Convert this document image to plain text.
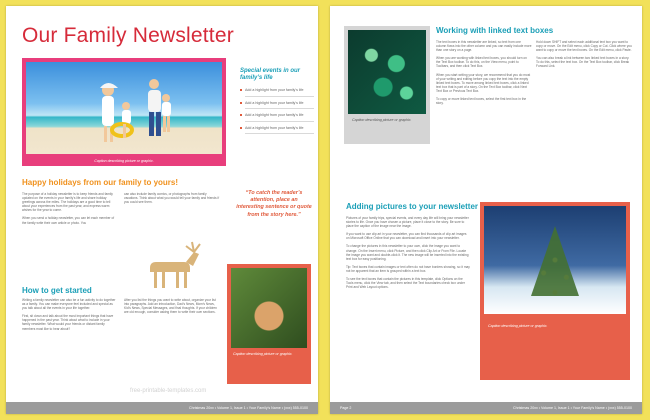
Our Family Newsletter
Caption describing picture or graphic.
Special events in our family’s life
Add a highlight from your family’s life
Add a highlight from your family’s life
Add a highlight from your family’s life
Add a highlight from your family’s life
Happy holidays from our family to yours!

The purpose of a holiday newsletter is to keep friends and family updated on the events in your family’s life and share holiday greetings across the miles. The holidays are a good time to tell about your experiences from the past year, and express warm wishes for the year to come.

When you send a holiday newsletter, you can let each member of the family write their own article or photo. You

can also include family comics, or photographs from family vacations. Think about what you would tell your family and friends if you could see them.

“To catch the reader’s attention, place an interesting sentence or quote from the story here.”
How to get started

Writing a family newsletter can also be a fun activity to do together as a family. You can make everyone feel included and special as you talk about all the events in your life together.

First, sit down and talk about the most important things that have happened in the past year. Think about what to include in your family newsletter. What would your friends or distant family members most like to hear about?

After you list the things you want to write about, organize your list into paragraphs. Add an introduction, Dad’s News, Mom’s News, Kid’s News, Special Messages, and final thoughts. If your children are old enough, consider asking them to write their own sections.

Caption describing picture or graphic.
Christmas 20xx • Volume 1, Issue 1 • Your Family’s Name • (xxx) 555-0100
Caption describing picture or graphic.
Working with linked text boxes

The text boxes in this newsletter are linked, so text from one column flows into the other column and you can easily include more than one story on a page.

When you are working with linked text boxes, you should turn on the Text Box toolbar. To do this, on the View menu, point to Toolbars, and then click Text Box.

When you start writing your story, we recommend that you do most of your writing and editing before you copy the text into the empty linked text boxes. To move among linked text boxes, click a linked text box that is part of a story. On the Text Box toolbar, click Next Text Box or Previous Text Box.

To copy or move linked text boxes, select the first text box in the story.

Hold down SHIFT and select each additional text box you want to copy or move. On the Edit menu, click Copy or Cut. Click where you want to copy or move the text boxes. On the Edit menu, click Paste.

You can also break a link between two linked text boxes in a story. To do this, select the text box. On the Text Box toolbar, click Break Forward Link.

Adding pictures to your newsletter

Pictures of your family trips, special events, and every day life will bring your newsletter stories to life. Once you have chosen a picture, place it close to the story. Be sure to place the caption of the image near the image.

If you want to use clip art in your newsletter, you can find thousands of clip art images on Microsoft Office Online that you can download and insert into your newsletter.

To change the pictures in this newsletter to your own, click the image you want to change. On the Insert menu, click Picture, and then click Clip Art or From File. Locate the image you want and double-click it. The new image will be inserted into the existing text box for easy positioning.

Tip: Text boxes that contain images or text often do not have borders showing, so it may not be apparent that an item is grouped within a text box.

To see the text boxes that contain the pictures in this template, click Options on the Tools menu, click the View tab, and then select the Text boundaries check box under Print and Web Layout options.

Caption describing picture or graphic.
Page 2	Christmas 20xx • Volume 1, Issue 1 • Your Family’s Name • (xxx) 555-0100
free-printable-templates.com
